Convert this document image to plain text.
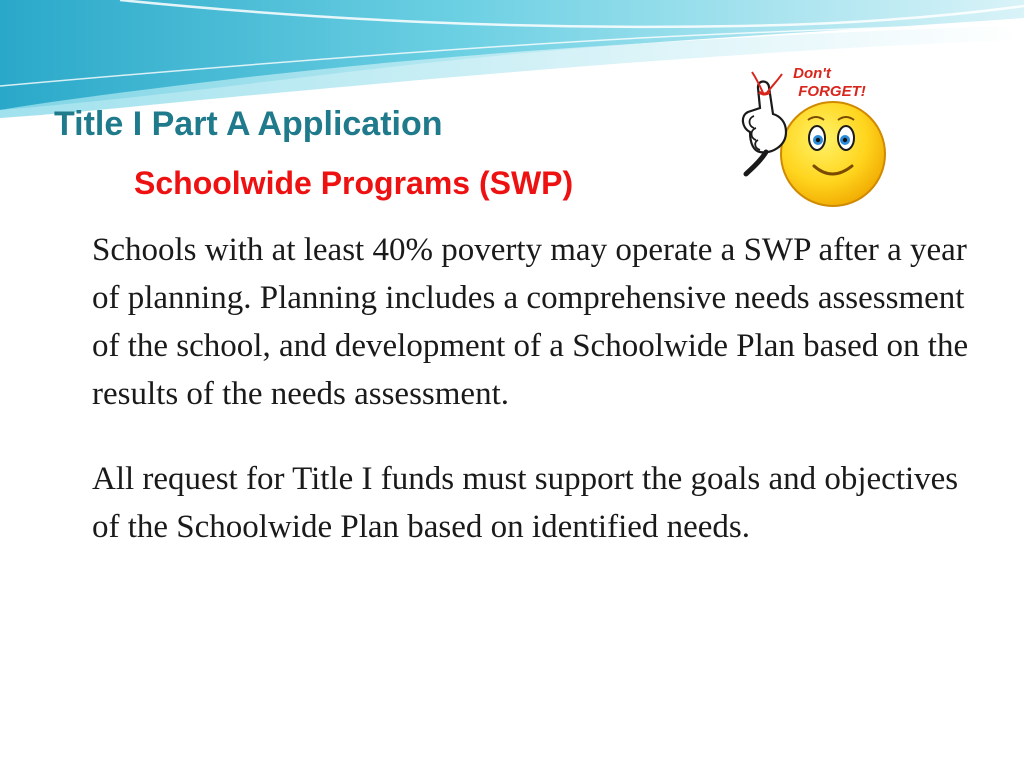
Title I Part A Application
Schoolwide Programs (SWP)
Don't
FORGET!

Schools with at least 40% poverty may operate a SWP after a year of planning. Planning includes a comprehensive needs assessment of the school, and development of a Schoolwide Plan based on the results of the needs assessment.

All request for Title I funds must support the goals and objectives of the Schoolwide Plan based on identified needs.
